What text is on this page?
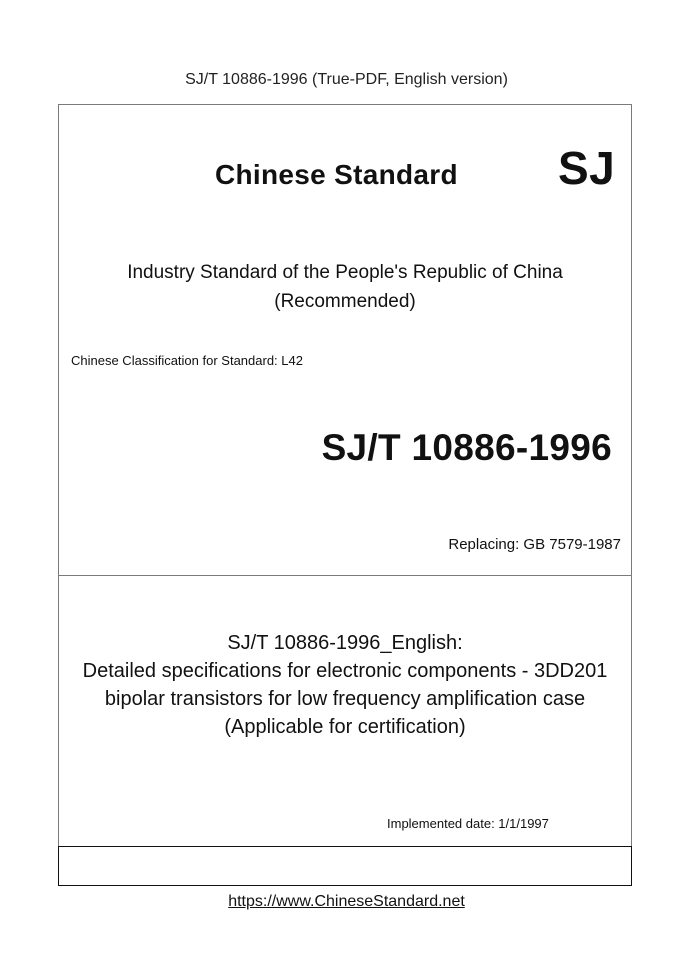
SJ/T 10886-1996 (True-PDF, English version)
Chinese Standard SJ
Industry Standard of the People's Republic of China
(Recommended)
Chinese Classification for Standard: L42
SJ/T 10886-1996
Replacing: GB 7579-1987
SJ/T 10886-1996_English:
Detailed specifications for electronic components - 3DD201
bipolar transistors for low frequency amplification case
(Applicable for certification)
Implemented date: 1/1/1997
https://www.ChineseStandard.net
